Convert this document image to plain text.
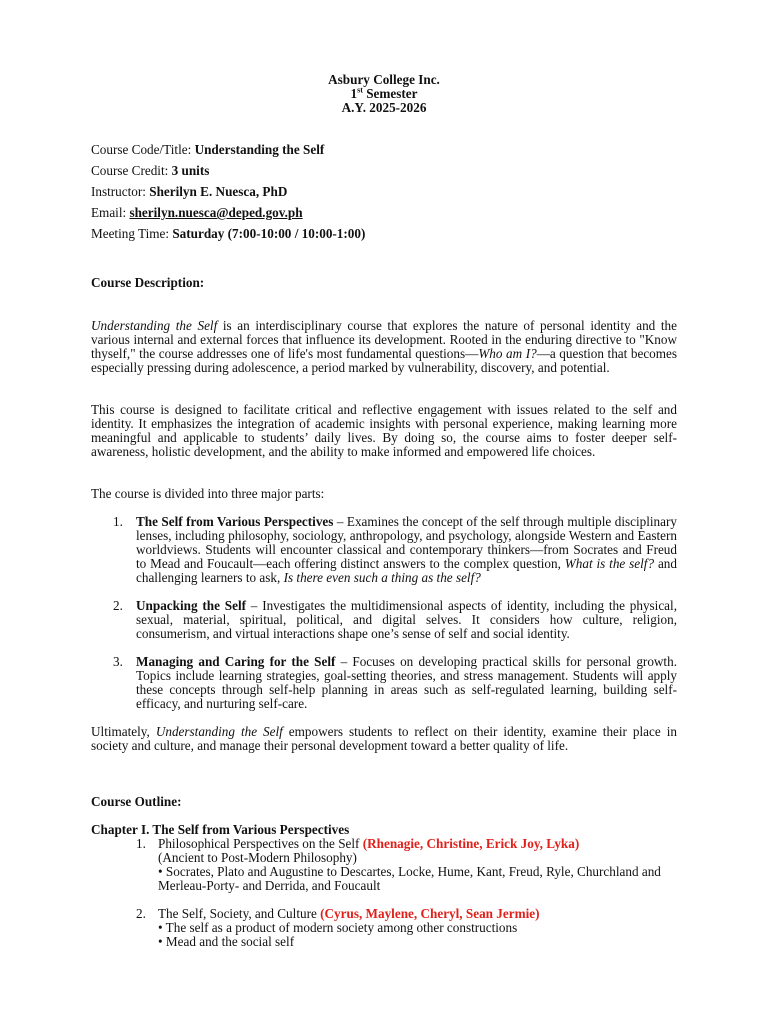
Asbury College Inc.
1st Semester
A.Y. 2025-2026
Course Code/Title: Understanding the Self
Course Credit: 3 units
Instructor: Sherilyn E. Nuesca, PhD
Email: sherilyn.nuesca@deped.gov.ph
Meeting Time: Saturday (7:00-10:00 / 10:00-1:00)
Course Description:
Understanding the Self is an interdisciplinary course that explores the nature of personal identity and the various internal and external forces that influence its development. Rooted in the enduring directive to "Know thyself," the course addresses one of life's most fundamental questions—Who am I?—a question that becomes especially pressing during adolescence, a period marked by vulnerability, discovery, and potential.
This course is designed to facilitate critical and reflective engagement with issues related to the self and identity. It emphasizes the integration of academic insights with personal experience, making learning more meaningful and applicable to students’ daily lives. By doing so, the course aims to foster deeper self-awareness, holistic development, and the ability to make informed and empowered life choices.
The course is divided into three major parts:
1. The Self from Various Perspectives – Examines the concept of the self through multiple disciplinary lenses, including philosophy, sociology, anthropology, and psychology, alongside Western and Eastern worldviews. Students will encounter classical and contemporary thinkers—from Socrates and Freud to Mead and Foucault—each offering distinct answers to the complex question, What is the self? and challenging learners to ask, Is there even such a thing as the self?
2. Unpacking the Self – Investigates the multidimensional aspects of identity, including the physical, sexual, material, spiritual, political, and digital selves. It considers how culture, religion, consumerism, and virtual interactions shape one’s sense of self and social identity.
3. Managing and Caring for the Self – Focuses on developing practical skills for personal growth. Topics include learning strategies, goal-setting theories, and stress management. Students will apply these concepts through self-help planning in areas such as self-regulated learning, building self-efficacy, and nurturing self-care.
Ultimately, Understanding the Self empowers students to reflect on their identity, examine their place in society and culture, and manage their personal development toward a better quality of life.
Course Outline:
Chapter I. The Self from Various Perspectives
1. Philosophical Perspectives on the Self (Rhenagie, Christine, Erick Joy, Lyka)
(Ancient to Post-Modern Philosophy)
• Socrates, Plato and Augustine to Descartes, Locke, Hume, Kant, Freud, Ryle, Churchland and Merleau-Porty- and Derrida, and Foucault
2. The Self, Society, and Culture (Cyrus, Maylene, Cheryl, Sean Jermie)
• The self as a product of modern society among other constructions
• Mead and the social self
